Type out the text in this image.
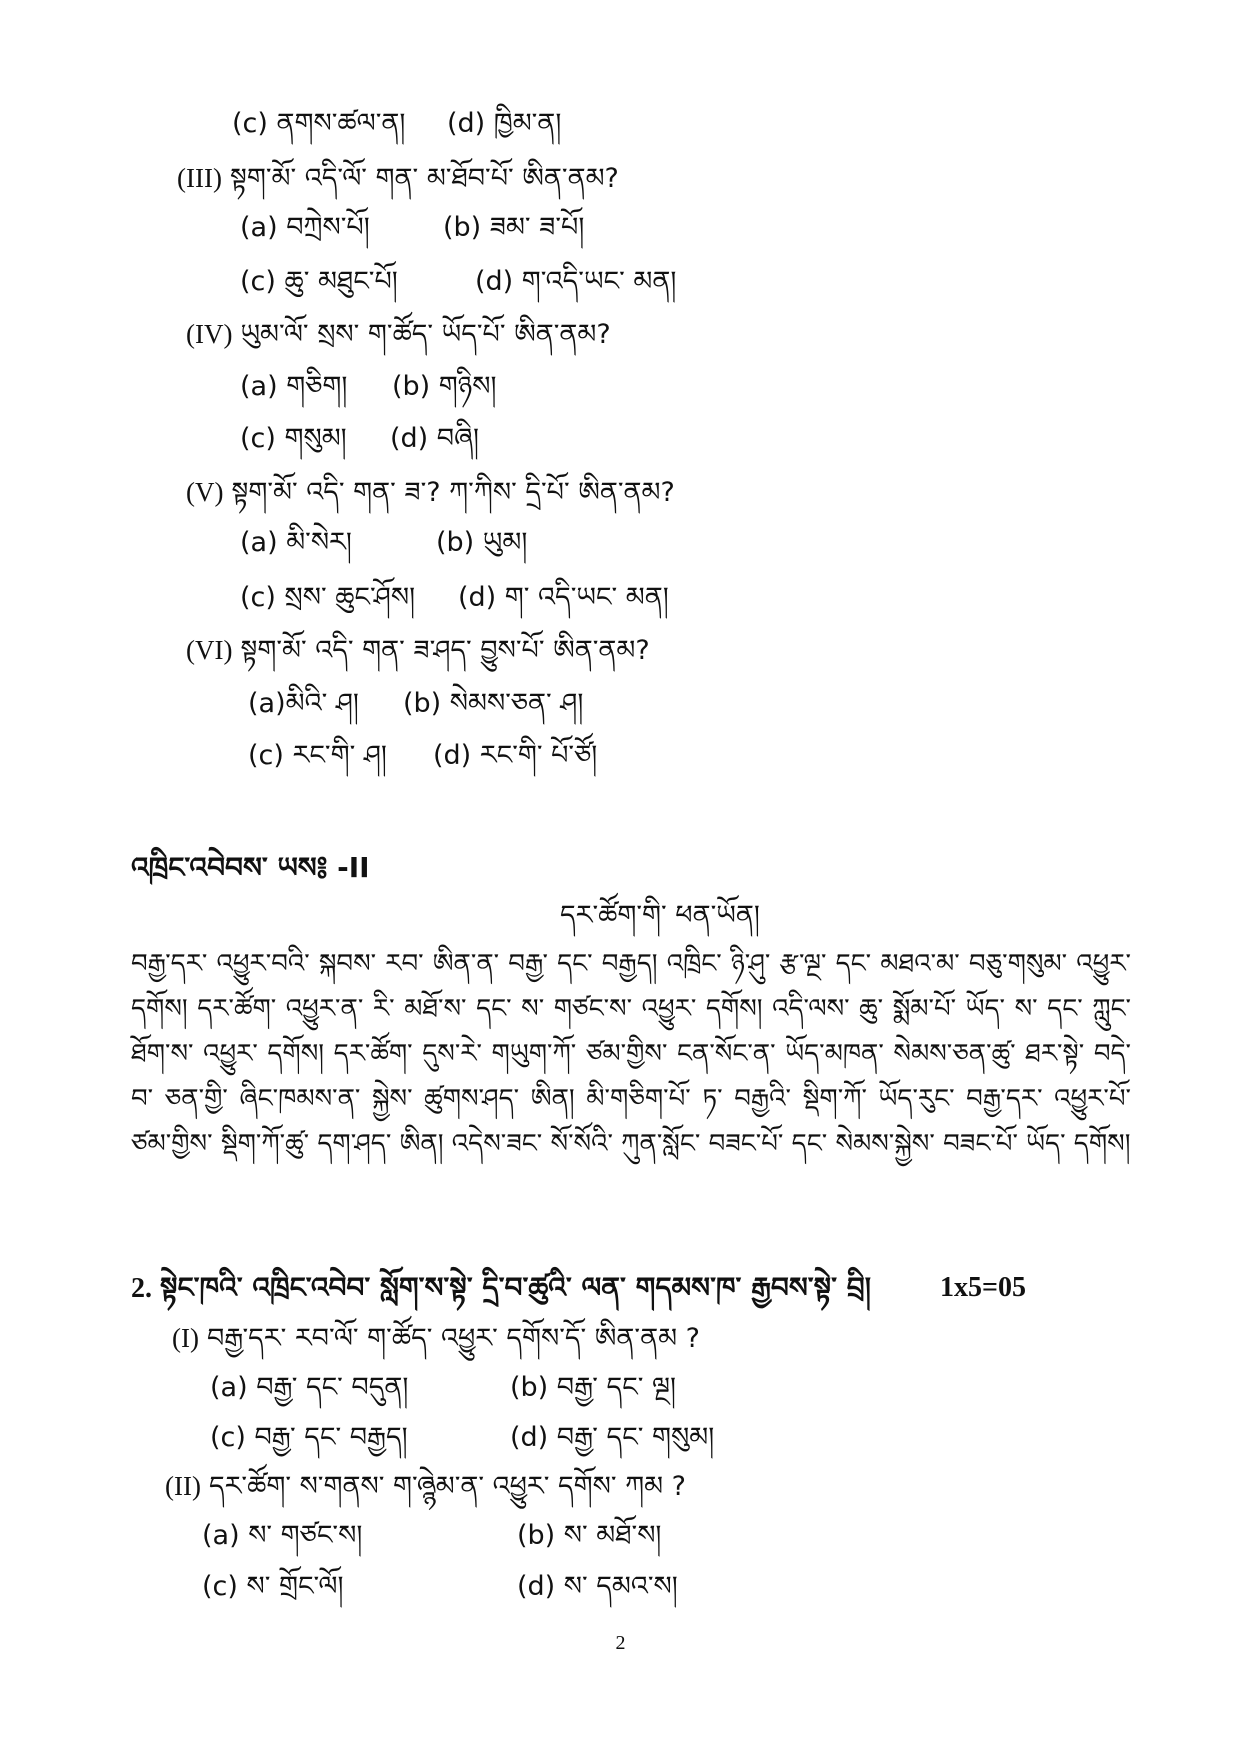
(c) ནགས་ཚལ་ན། (d) ཁྱིམ་ན།
(III) སྟག་མོ་ འདི་ལོ་ གན་ མ་ཐོབ་པོ་ ཨིན་ནམ?
(a) བཀྲེས་པོ།	(b) ཟམ་ ཟ་པོ།
(c) ཆུ་ མཐུང་པོ།	(d) ག་འདི་ཡང་ མན།
(IV) ཡུམ་ལོ་ སྲས་ ག་ཚོད་ ཡོད་པོ་ ཨིན་ནམ?
(a) གཅིག། (b) གཉིས།
(c) གསུམ། (d) བཞི།
(V) སྟག་མོ་ འདི་ གན་ ཟ་? ཀ་ཀིས་ དྲི་པོ་ ཨིན་ནམ?
(a) མི་སེར།	(b) ཡུམ།
(c) སྲས་ ཆུང་ཤོས། (d) ག་ འདི་ཡང་ མན།
(VI) སྟག་མོ་ འདི་ གན་ ཟ་ཤད་ བྱུས་པོ་ ཨིན་ནམ?
(a)མིའི་ ཤ། (b) སེམས་ཅན་ ཤ།
(c) རང་གི་ ཤ། (d) རང་གི་ པོ་ཙོ།
འཁྲིང་འབེབས་ ཡས༔ -II
དར་ཚོག་གི་ ཕན་ཡོན།
བརྒྱ་དར་ འཕྱུར་བའི་ སྐབས་ རབ་ ཨིན་ན་ བརྒྱ་ དང་ བརྒྱད། འཁྲིང་ ཉི་ཤུ་ རྩ་ལྔ་ དང་ མཐའ་མ་ བཅུ་གསུམ་ འཕྱུར་ དགོས། དར་ཚོག་ འཕྱུར་ན་ རི་ མཐོ་ས་ དང་ ས་ གཙང་ས་ འཕྱུར་ དགོས། འདི་ལས་ ཆུ་ སྨོམ་པོ་ ཡོད་ ས་ དང་ ཀླུང་ ཐོག་ས་ འཕྱུར་ དགོས། དར་ཚོག་ དུས་རེ་ གཡུག་ཀོ་ ཙམ་གྱིས་ ངན་སོང་ན་ ཡོད་མཁན་ སེམས་ཅན་ཚུ་ ཐར་སྟེ་ བདེ་བ་ ཅན་གྱི་ ཞིང་ཁམས་ན་ སྐྱེས་ ཚུགས་ཤད་ ཨིན། མི་གཅིག་པོ་ ཏ་ བརྒྱའི་ སྡིག་ཀོ་ ཡོད་རུང་ བརྒྱ་དར་ འཕྱུར་པོ་ ཙམ་གྱིས་ སྡིག་ཀོ་ཚུ་ དག་ཤད་ ཨིན། འདེས་ཟང་ སོ་སོའི་ ཀུན་སློང་ བཟང་པོ་ དང་ སེམས་སྐྱེས་ བཟང་པོ་ ཡོད་ དགོས།
2. སྟེང་ཁའི་ འཁྲིང་འབེབ་ སློག་ས་སྟེ་ དྲི་བ་ཚུའི་ ལན་ གདམས་ཁ་ རྒྱབས་སྟེ་ བྲི། 1x5=05
(I) བརྒྱ་དར་ རབ་ལོ་ ག་ཚོད་ འཕྱུར་ དགོས་དོ་ ཨིན་ནམ ?
(a) བརྒྱ་ དང་ བདུན།	(b) བརྒྱ་ དང་ ལྔ།
(c) བརྒྱ་ དང་ བརྒྱད།	(d) བརྒྱ་ དང་ གསུམ།
(II) དར་ཚོག་ ས་གནས་ ག་ཞྙེམ་ན་ འཕྱུར་ དགོས་ ཀམ ?
(a) ས་ གཙང་ས།	(b) ས་ མཐོ་ས།
(c) ས་ གྲོང་ལོ།	(d) ས་ དམའ་ས།
2
